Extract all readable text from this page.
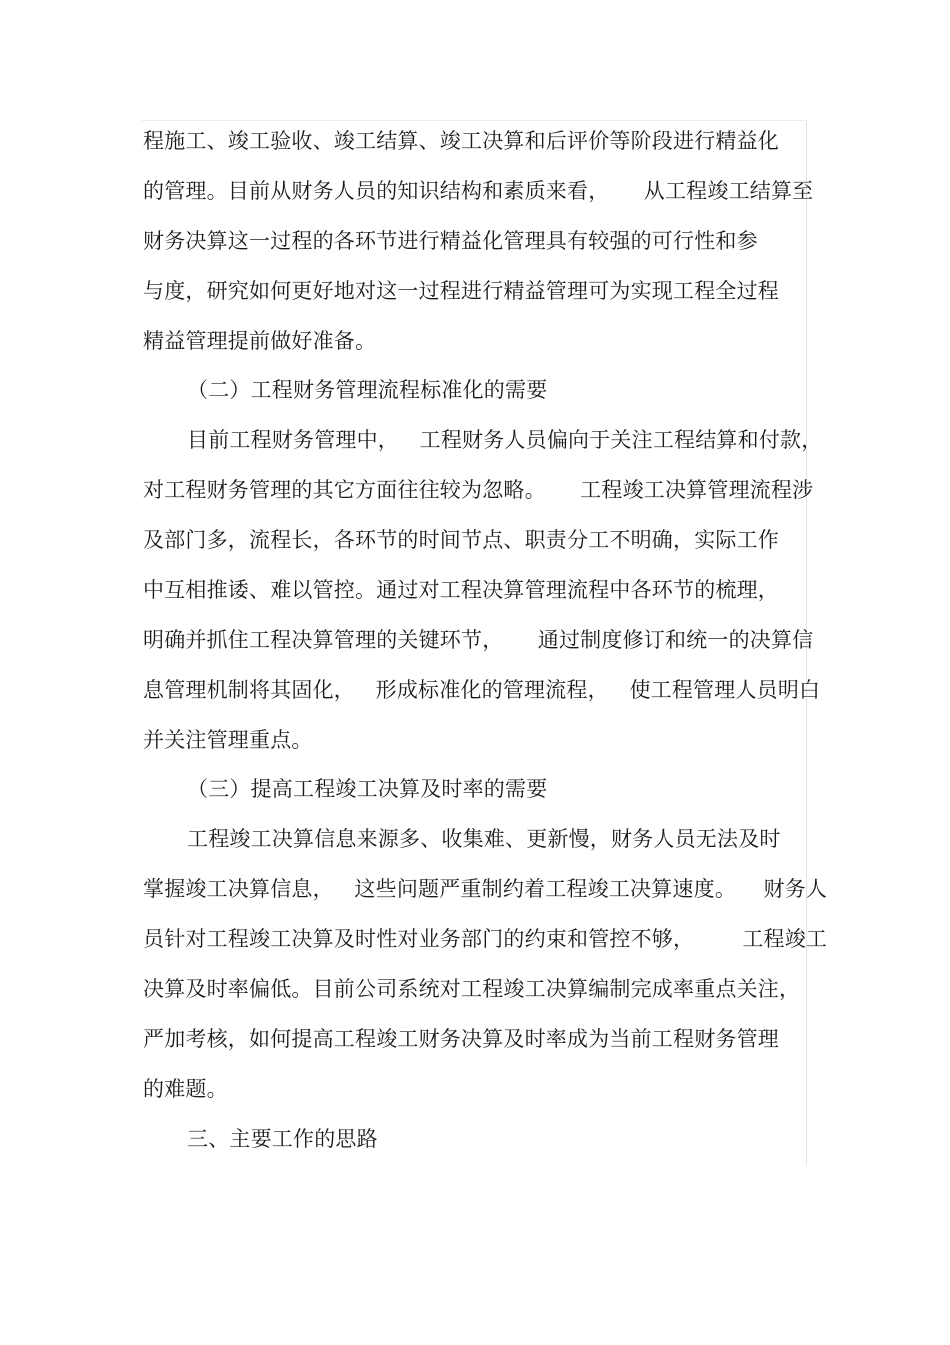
程施工、竣工验收、竣工结算、竣工决算和后评价等阶段进行精益化
的管理。目前从财务人员的知识结构和素质来看，     从工程竣工结算至
财务决算这一过程的各环节进行精益化管理具有较强的可行性和参
与度，研究如何更好地对这一过程进行精益管理可为实现工程全过程
精益管理提前做好准备。
（二）工程财务管理流程标准化的需要
目前工程财务管理中，   工程财务人员偏向于关注工程结算和付款，
对工程财务管理的其它方面往往较为忽略。     工程竣工决算管理流程涉
及部门多，流程长，各环节的时间节点、职责分工不明确，实际工作
中互相推诿、难以管控。通过对工程决算管理流程中各环节的梳理，
明确并抓住工程决算管理的关键环节，     通过制度修订和统一的决算信
息管理机制将其固化，   形成标准化的管理流程，   使工程管理人员明白
并关注管理重点。
（三）提高工程竣工决算及时率的需要
工程竣工决算信息来源多、收集难、更新慢，财务人员无法及时
掌握竣工决算信息，   这些问题严重制约着工程竣工决算速度。    财务人
员针对工程竣工决算及时性对业务部门的约束和管控不够，       工程竣工
决算及时率偏低。目前公司系统对工程竣工决算编制完成率重点关注，
严加考核，如何提高工程竣工财务决算及时率成为当前工程财务管理
的难题。
三、主要工作的思路
